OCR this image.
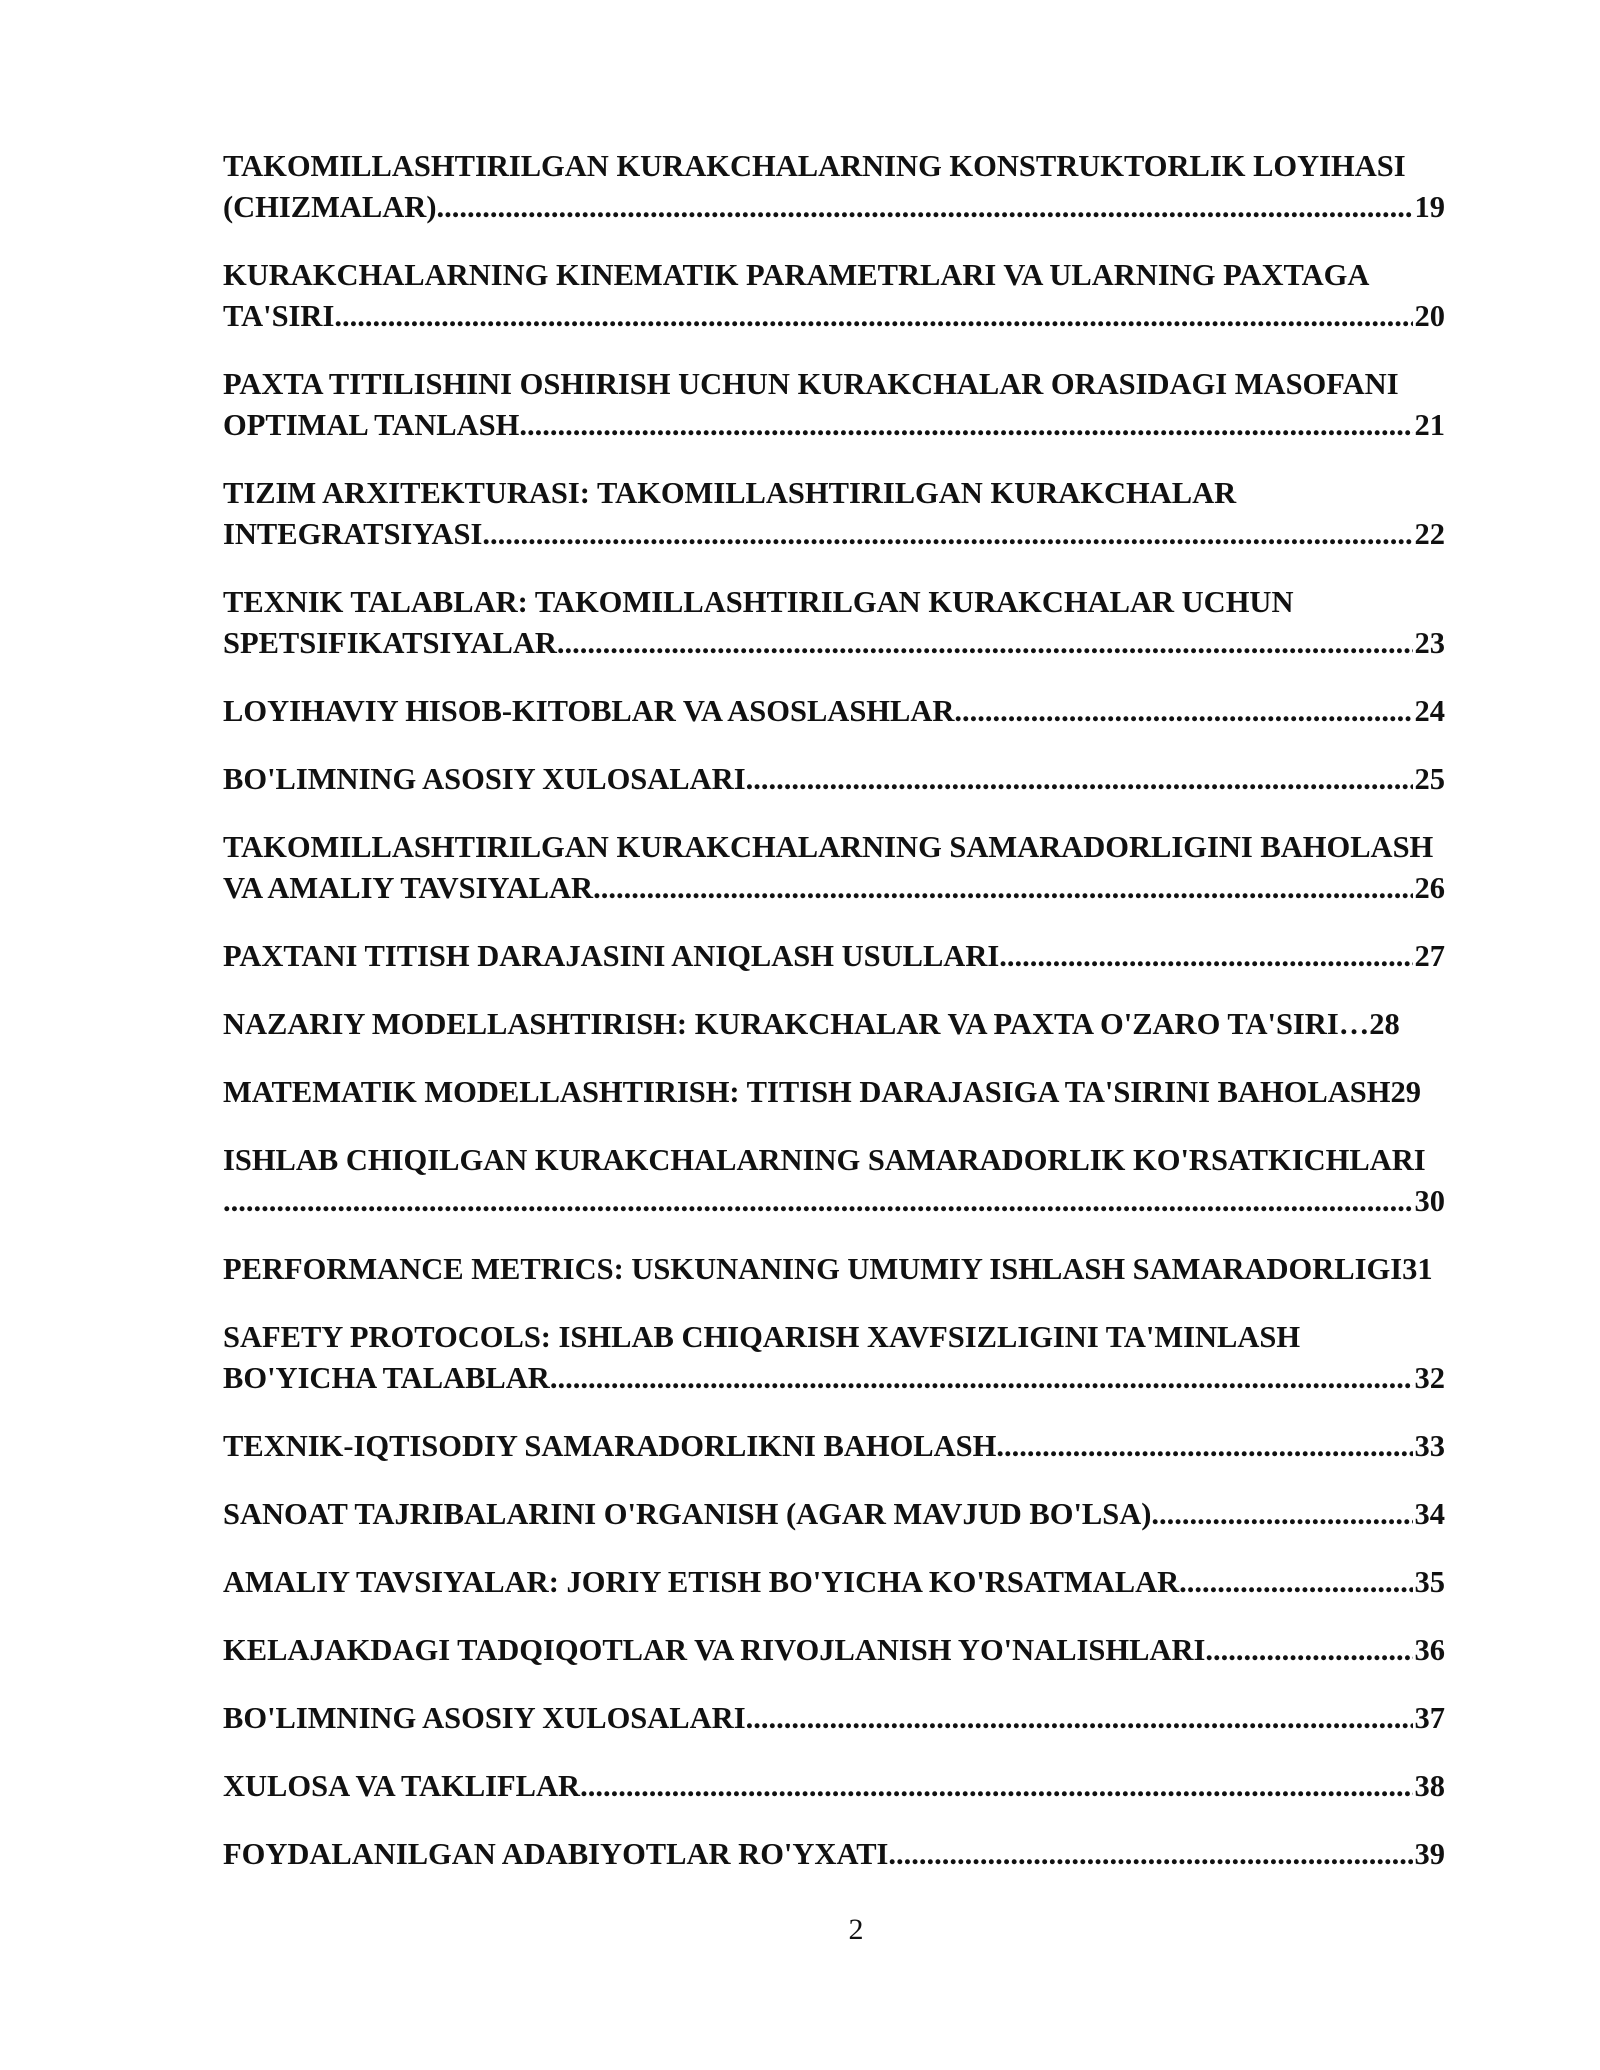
TAKOMILLASHTIRILGAN KURAKCHALARNING KONSTRUKTORLIK LOYIHASI
(CHIZMALAR) .....	19
KURAKCHALARNING KINEMATIK PARAMETRLARI VA ULARNING PAXTAGA
TA'SIRI .....	20
PAXTA TITILISHINI OSHIRISH UCHUN KURAKCHALAR ORASIDAGI MASOFANI
OPTIMAL TANLASH .....	21
TIZIM ARXITEKTURASI: TAKOMILLASHTIRILGAN KURAKCHALAR
INTEGRATSIYASI .....	22
TEXNIK TALABLAR: TAKOMILLASHTIRILGAN KURAKCHALAR UCHUN
SPETSIFIKATSIYALAR .....	23
LOYIHAVIY HISOB-KITOBLAR VA ASOSLASHLAR .....	24
BO'LIMNING ASOSIY XULOSALARI .....	25
TAKOMILLASHTIRILGAN KURAKCHALARNING SAMARADORLIGINI BAHOLASH
VA AMALIY TAVSIYALAR .....	26
PAXTANI TITISH DARAJASINI ANIQLASH USULLARI .....	27
NAZARIY MODELLASHTIRISH: KURAKCHALAR VA PAXTA O'ZARO TA'SIRI… 28
MATEMATIK MODELLASHTIRISH: TITISH DARAJASIGA TA'SIRINI BAHOLASH 29
ISHLAB CHIQILGAN KURAKCHALARNING SAMARADORLIK KO'RSATKICHLARI
.....
30
PERFORMANCE METRICS: USKUNANING UMUMIY ISHLASH SAMARADORLIGI 31
SAFETY PROTOCOLS: ISHLAB CHIQARISH XAVFSIZLIGINI TA'MINLASH
BO'YICHA TALABLAR .....	32
TEXNIK-IQTISODIY SAMARADORLIKNI BAHOLASH .....	33
SANOAT TAJRIBALARINI O'RGANISH (AGAR MAVJUD BO'LSA) .....	34
AMALIY TAVSIYALAR: JORIY ETISH BO'YICHA KO'RSATMALAR .....	35
KELAJAKDAGI TADQIQOTLAR VA RIVOJLANISH YO'NALISHLARI .....	36
BO'LIMNING ASOSIY XULOSALARI .....	37
XULOSA VA TAKLIFLAR .....	38
FOYDALANILGAN ADABIYOTLAR RO'YXATI .....	39
2
